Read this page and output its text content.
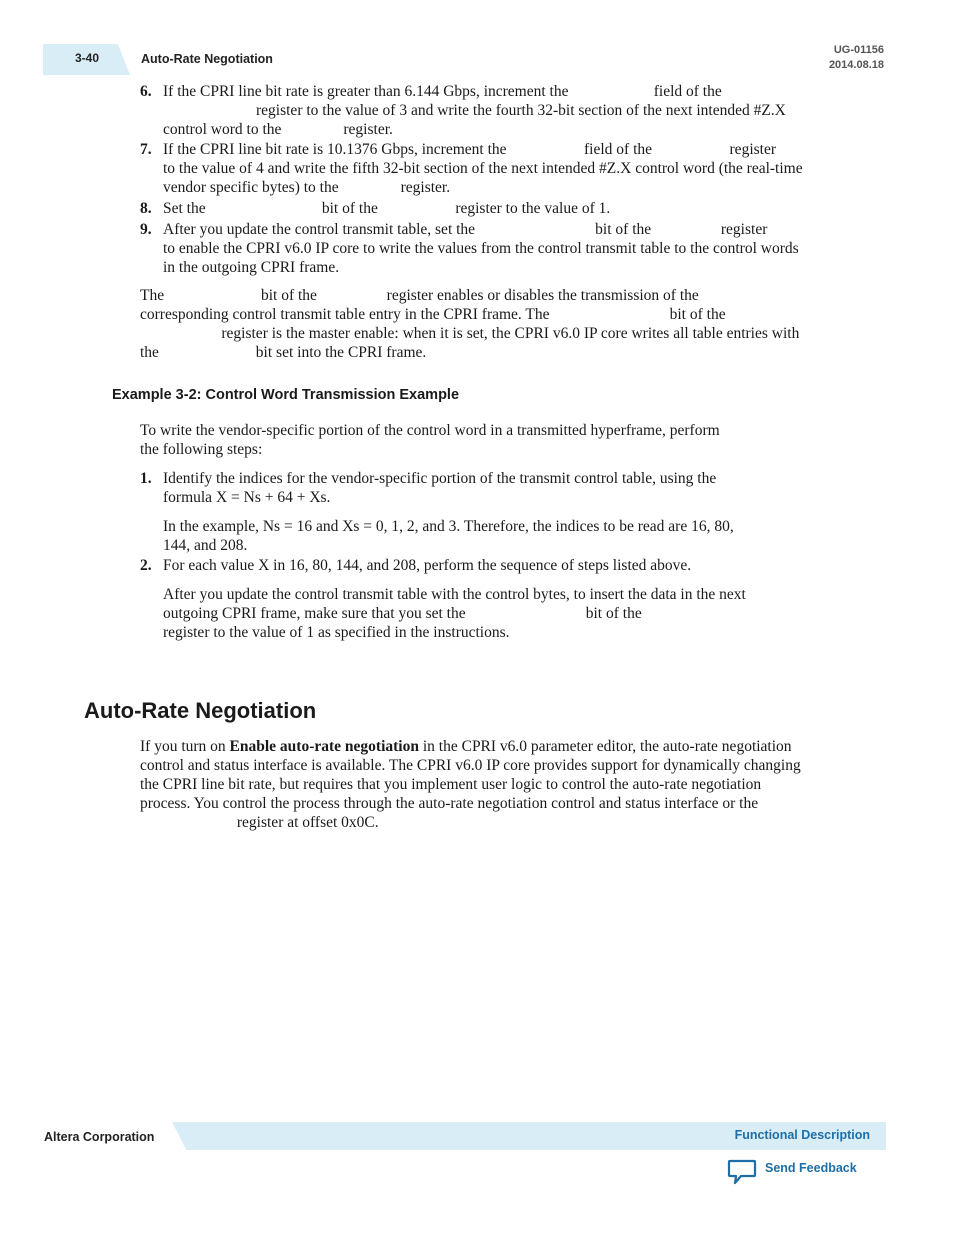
3-40	Auto-Rate Negotiation
UG-01156
2014.08.18
6. If the CPRI line bit rate is greater than 6.144 Gbps, increment the                      field of the
register to the value of 3 and write the fourth 32-bit section of the next intended #Z.X
control word to the                register.

7. If the CPRI line bit rate is 10.1376 Gbps, increment the                    field of the                    register
to the value of 4 and write the fifth 32-bit section of the next intended #Z.X control word (the real-time
vendor specific bytes) to the                register.

8. Set the                              bit of the                    register to the value of 1.

9. After you update the control transmit table, set the                               bit of the                  register
to enable the CPRI v6.0 IP core to write the values from the control transmit table to the control words
in the outgoing CPRI frame.

The                         bit of the                  register enables or disables the transmission of the
corresponding control transmit table entry in the CPRI frame. The                               bit of the
register is the master enable: when it is set, the CPRI v6.0 IP core writes all table entries with
the                         bit set into the CPRI frame.

Example 3-2: Control Word Transmission Example

To write the vendor-specific portion of the control word in a transmitted hyperframe, perform
the following steps:

1. Identify the indices for the vendor-specific portion of the transmit control table, using the
formula X = Ns + 64 + Xs.

In the example, Ns = 16 and Xs = 0, 1, 2, and 3. Therefore, the indices to be read are 16, 80,
144, and 208.

2. For each value X in 16, 80, 144, and 208, perform the sequence of steps listed above.

After you update the control transmit table with the control bytes, to insert the data in the next
outgoing CPRI frame, make sure that you set the                               bit of the
register to the value of 1 as specified in the instructions.

Auto-Rate Negotiation

If you turn on Enable auto-rate negotiation in the CPRI v6.0 parameter editor, the auto-rate negotiation
control and status interface is available. The CPRI v6.0 IP core provides support for dynamically changing
the CPRI line bit rate, but requires that you implement user logic to control the auto-rate negotiation
process. You control the process through the auto-rate negotiation control and status interface or the
register at offset 0x0C.

Altera Corporation	Functional Description
Send Feedback
